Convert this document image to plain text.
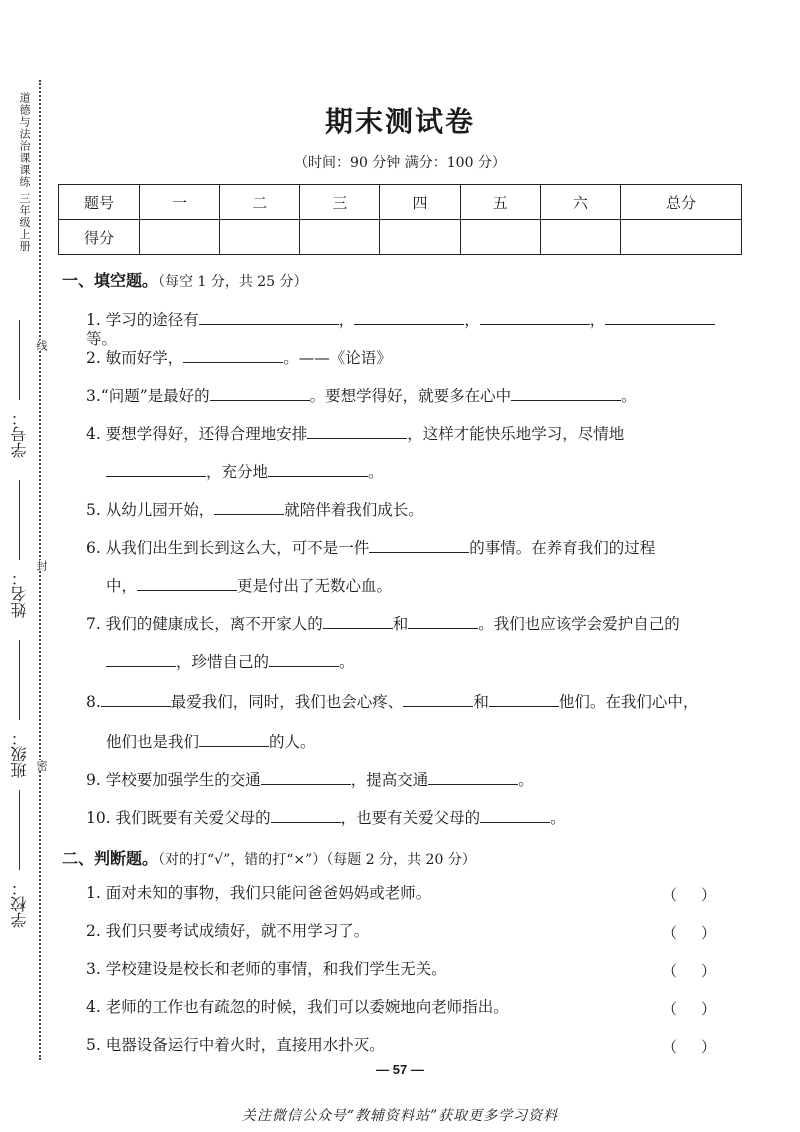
道德与法治课课练 三年级上册
学号：
姓名：
班级：
学校：
线
封
密
期末测试卷
（时间：90 分钟 满分：100 分）
题号	一	二	三	四	五	六	总分
得分							
一、填空题。（每空 1 分，共 25 分）
1. 学习的途径有	，	，	，等。
2. 敏而好学，	。——《论语》
3.“问题”是最好的	。要想学得好，就要多在心中	。
4. 要想学得好，还得合理地安排	，这样才能快乐地学习，尽情地
，充分地	。
5. 从幼儿园开始，	就陪伴着我们成长。
6. 从我们出生到长到这么大，可不是一件	的事情。在养育我们的过程
中，	更是付出了无数心血。
7. 我们的健康成长，离不开家人的	和	。我们也应该学会爱护自己的
，珍惜自己的	。
8.	最爱我们，同时，我们也会心疼、	和	他们。在我们心中，
他们也是我们	的人。
9. 学校要加强学生的交通	，提高交通	。
10. 我们既要有关爱父母的	，也要有关爱父母的	。
二、判断题。（对的打“√”，错的打“×”）（每题 2 分，共 20 分）
1. 面对未知的事物，我们只能问爸爸妈妈或老师。	（）
2. 我们只要考试成绩好，就不用学习了。	（）
3. 学校建设是校长和老师的事情，和我们学生无关。	（）
4. 老师的工作也有疏忽的时候，我们可以委婉地向老师指出。	（）
5. 电器设备运行中着火时，直接用水扑灭。	（）
— 57 —
关注微信公众号“教辅资料站”获取更多学习资料
